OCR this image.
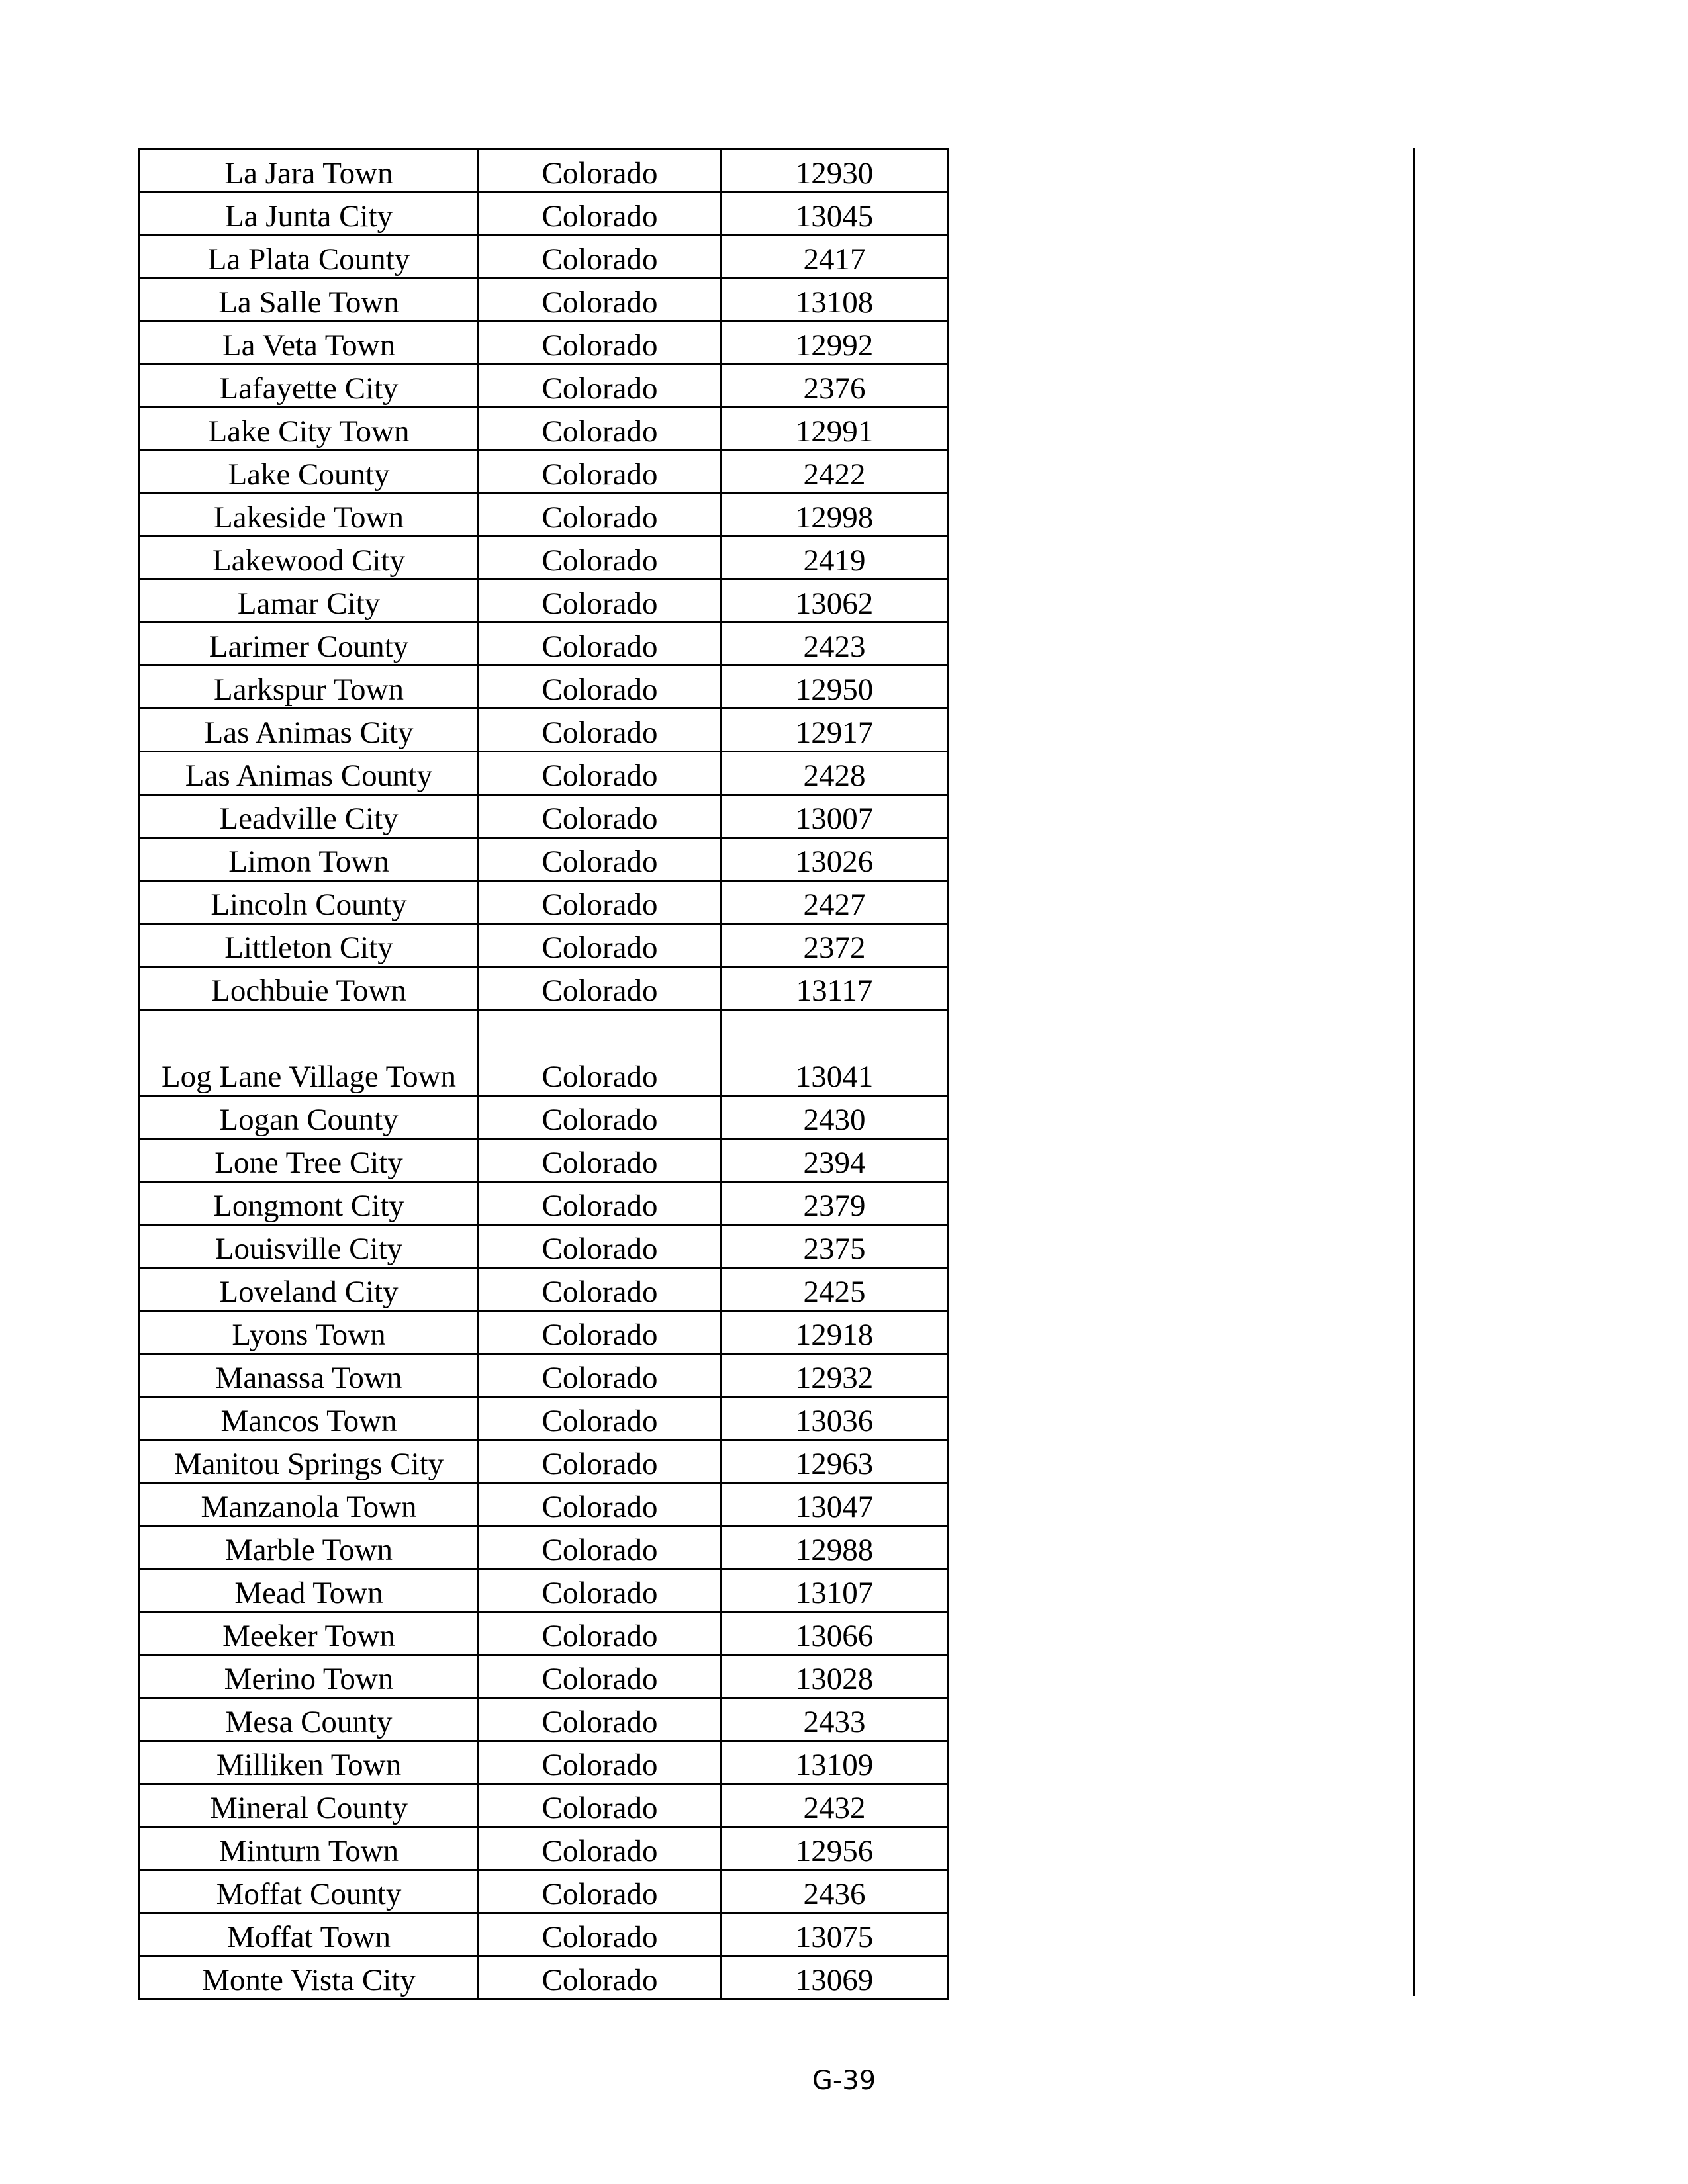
La Jara Town	Colorado	12930
La Junta City	Colorado	13045
La Plata County	Colorado	2417
La Salle Town	Colorado	13108
La Veta Town	Colorado	12992
Lafayette City	Colorado	2376
Lake City Town	Colorado	12991
Lake County	Colorado	2422
Lakeside Town	Colorado	12998
Lakewood City	Colorado	2419
Lamar City	Colorado	13062
Larimer County	Colorado	2423
Larkspur Town	Colorado	12950
Las Animas City	Colorado	12917
Las Animas County	Colorado	2428
Leadville City	Colorado	13007
Limon Town	Colorado	13026
Lincoln County	Colorado	2427
Littleton City	Colorado	2372
Lochbuie Town	Colorado	13117
Log Lane Village Town	Colorado	13041
Logan County	Colorado	2430
Lone Tree City	Colorado	2394
Longmont City	Colorado	2379
Louisville City	Colorado	2375
Loveland City	Colorado	2425
Lyons Town	Colorado	12918
Manassa Town	Colorado	12932
Mancos Town	Colorado	13036
Manitou Springs City	Colorado	12963
Manzanola Town	Colorado	13047
Marble Town	Colorado	12988
Mead Town	Colorado	13107
Meeker Town	Colorado	13066
Merino Town	Colorado	13028
Mesa County	Colorado	2433
Milliken Town	Colorado	13109
Mineral County	Colorado	2432
Minturn Town	Colorado	12956
Moffat County	Colorado	2436
Moffat Town	Colorado	13075
Monte Vista City	Colorado	13069
G-39
